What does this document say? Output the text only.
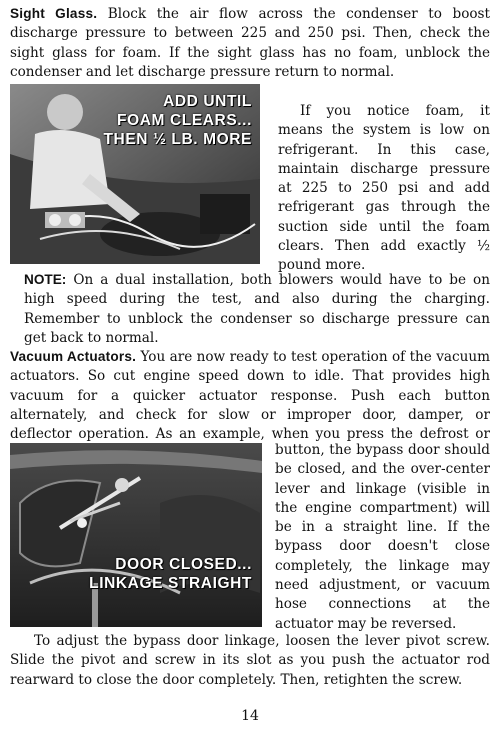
Sight Glass. Block the air flow across the condenser to boost discharge pressure to between 225 and 250 psi. Then, check the sight glass for foam. If the sight glass has no foam, unblock the condenser and let discharge pressure return to normal.

ADD UNTIL
FOAM CLEARS...
THEN ½ LB. MORE

If you notice foam, it means the system is low on refrigerant. In this case, maintain discharge pressure at 225 to 250 psi and add refrigerant gas through the suction side until the foam clears. Then add exactly ½ pound more.

NOTE: On a dual installation, both blowers would have to be on high speed during the test, and also during the charging. Remember to unblock the condenser so discharge pressure can get back to normal.

Vacuum Actuators. You are now ready to test operation of the vacuum actuators. So cut engine speed down to idle. That provides high vacuum for a quicker actuator response. Push each button alternately, and check for slow or improper door, damper, or deflector operation. As an example, when you press the defrost or

DOOR CLOSED...
LINKAGE STRAIGHT

button, the bypass door should be closed, and the over-center lever and linkage (visible in the engine compartment) will be in a straight line. If the bypass door doesn't close completely, the linkage may need adjustment, or vacuum hose connections at the actuator may be reversed.

To adjust the bypass door linkage, loosen the lever pivot screw. Slide the pivot and screw in its slot as you push the actuator rod rearward to close the door completely. Then, retighten the screw.

14
